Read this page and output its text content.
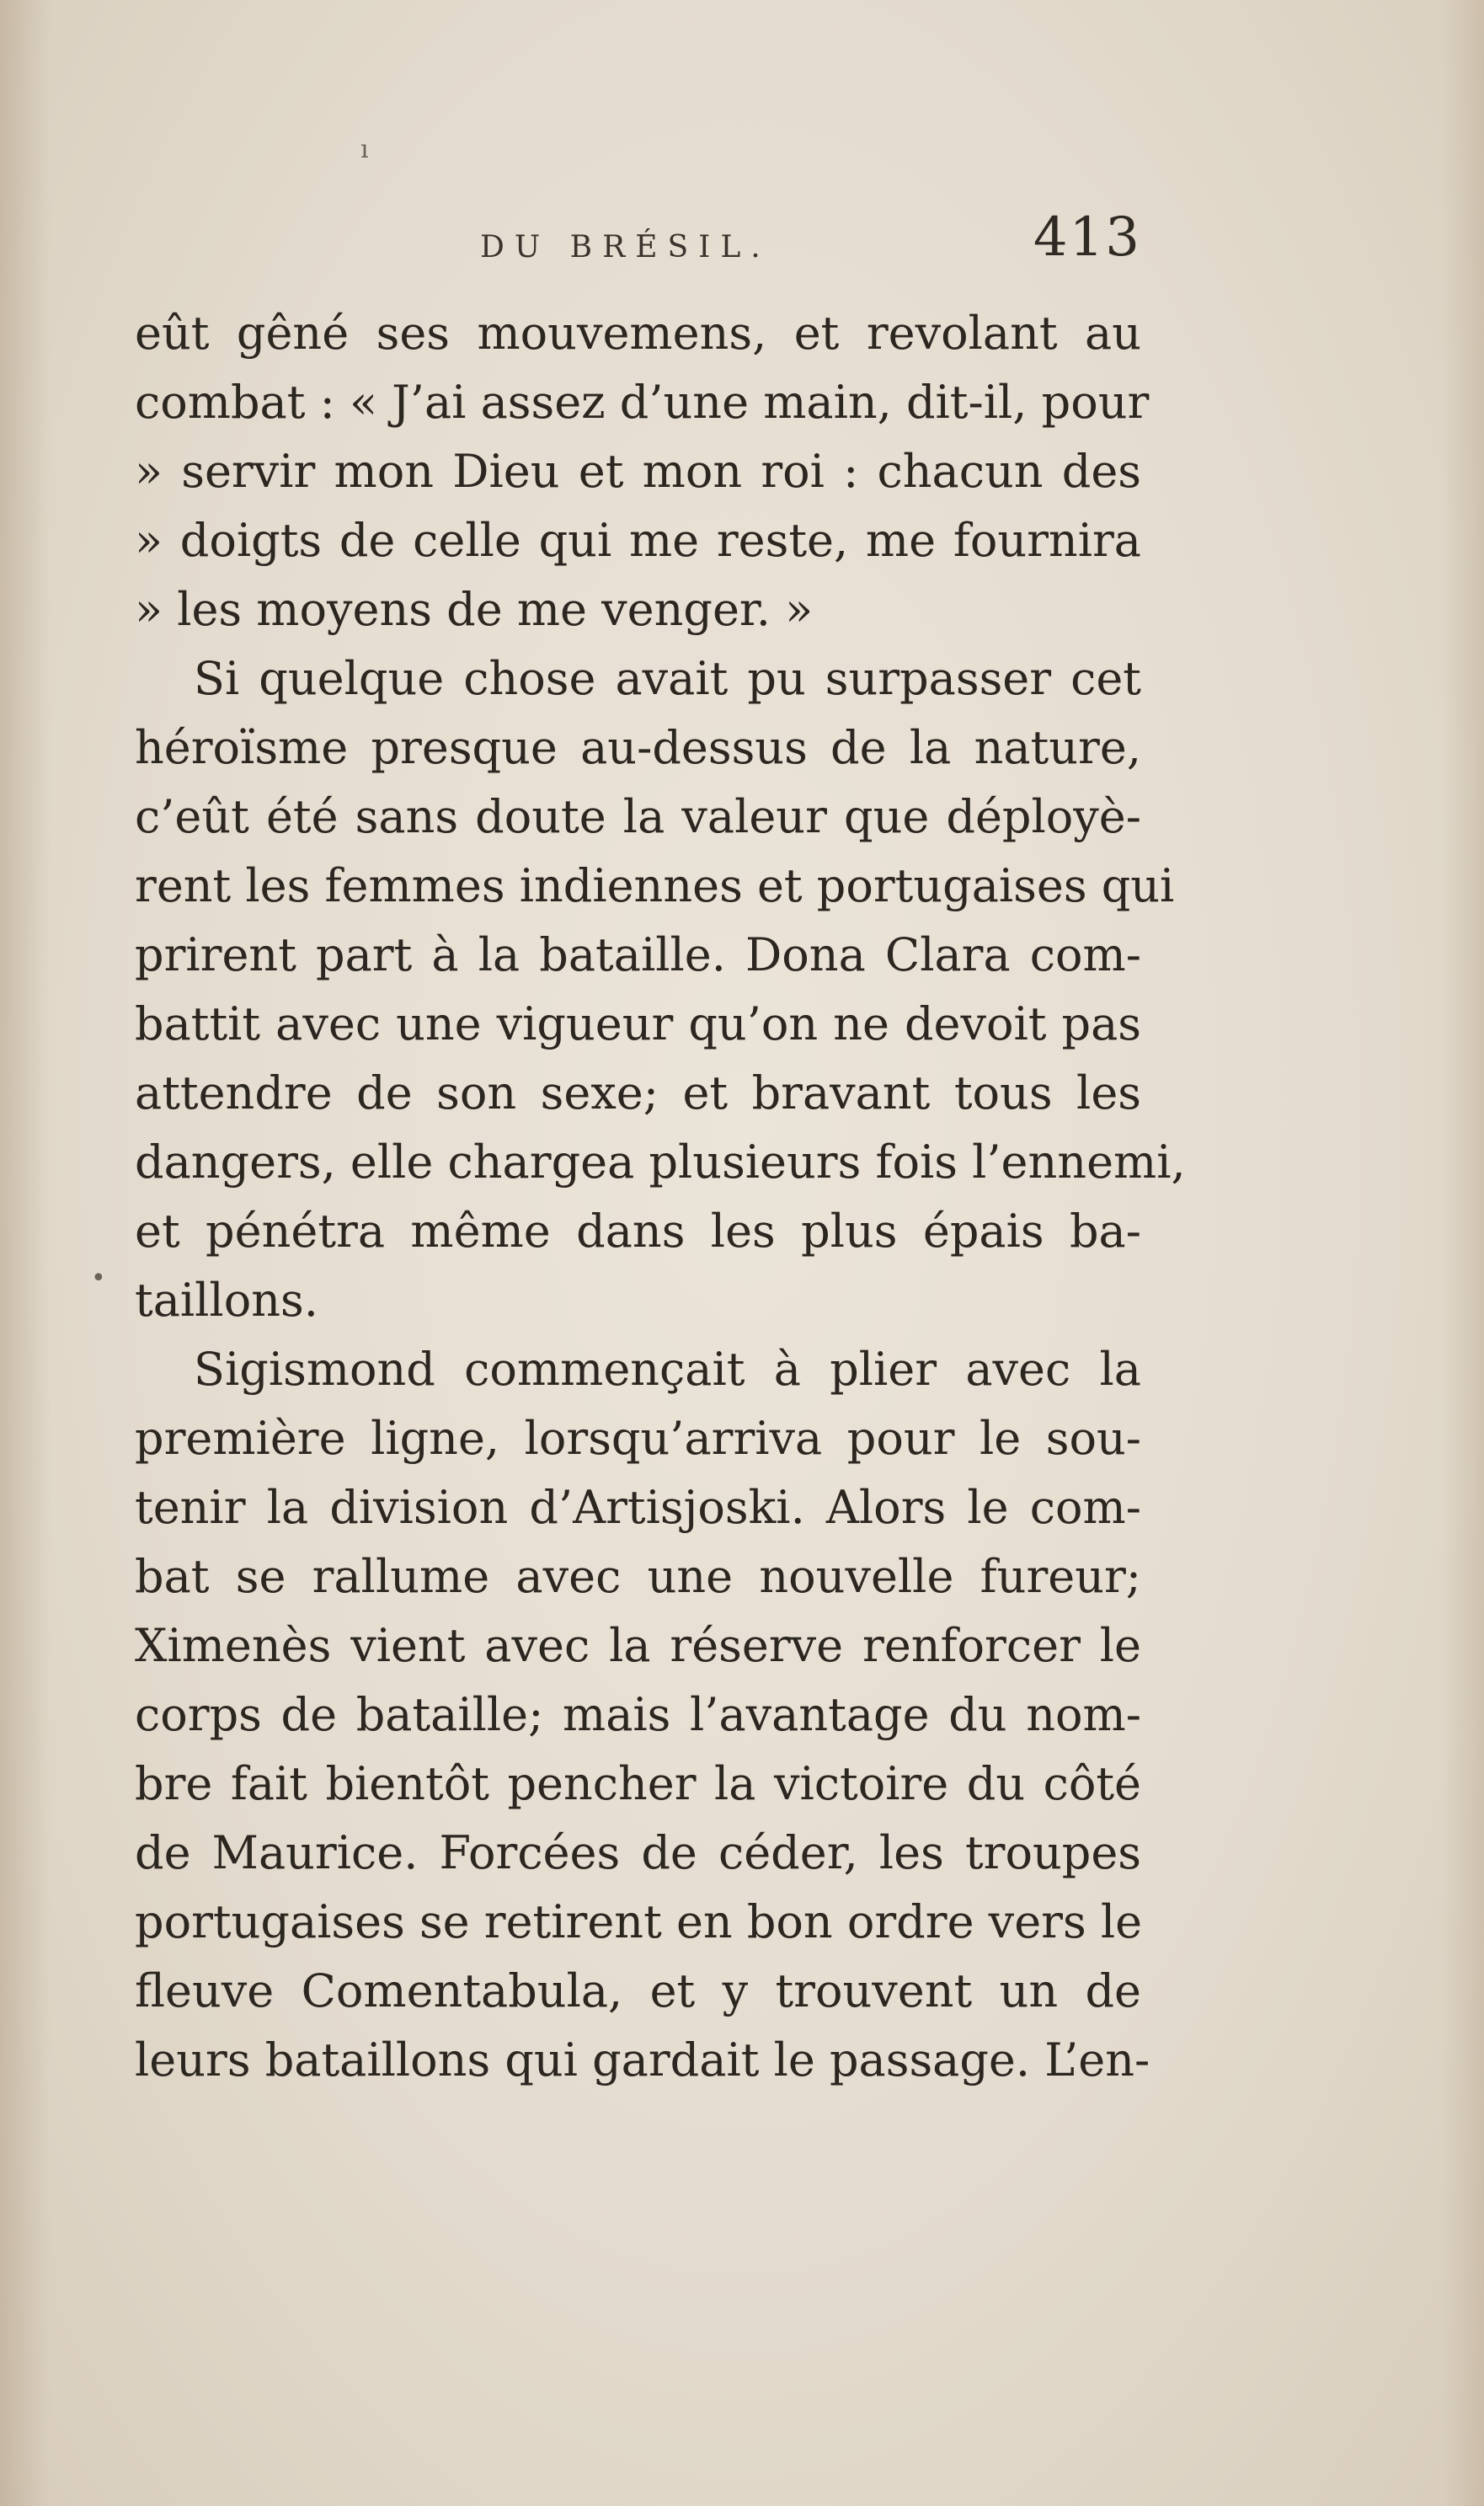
ı
•
DU BRÉSIL.	413
eût gêné ses mouvemens, et revolant au
combat : « J’ai assez d’une main, dit-il, pour
» servir mon Dieu et mon roi : chacun des
» doigts de celle qui me reste, me fournira
» les moyens de me venger. »
Si quelque chose avait pu surpasser cet
héroïsme presque au-dessus de la nature,
c’eût été sans doute la valeur que déployè-
rent les femmes indiennes et portugaises qui
prirent part à la bataille. Dona Clara com-
battit avec une vigueur qu’on ne devoit pas
attendre de son sexe; et bravant tous les
dangers, elle chargea plusieurs fois l’ennemi,
et pénétra même dans les plus épais ba-
taillons.
Sigismond commençait à plier avec la
première ligne, lorsqu’arriva pour le sou-
tenir la division d’Artisjoski. Alors le com-
bat se rallume avec une nouvelle fureur;
Ximenès vient avec la réserve renforcer le
corps de bataille; mais l’avantage du nom-
bre fait bientôt pencher la victoire du côté
de Maurice. Forcées de céder, les troupes
portugaises se retirent en bon ordre vers le
fleuve Comentabula, et y trouvent un de
leurs bataillons qui gardait le passage. L’en-
